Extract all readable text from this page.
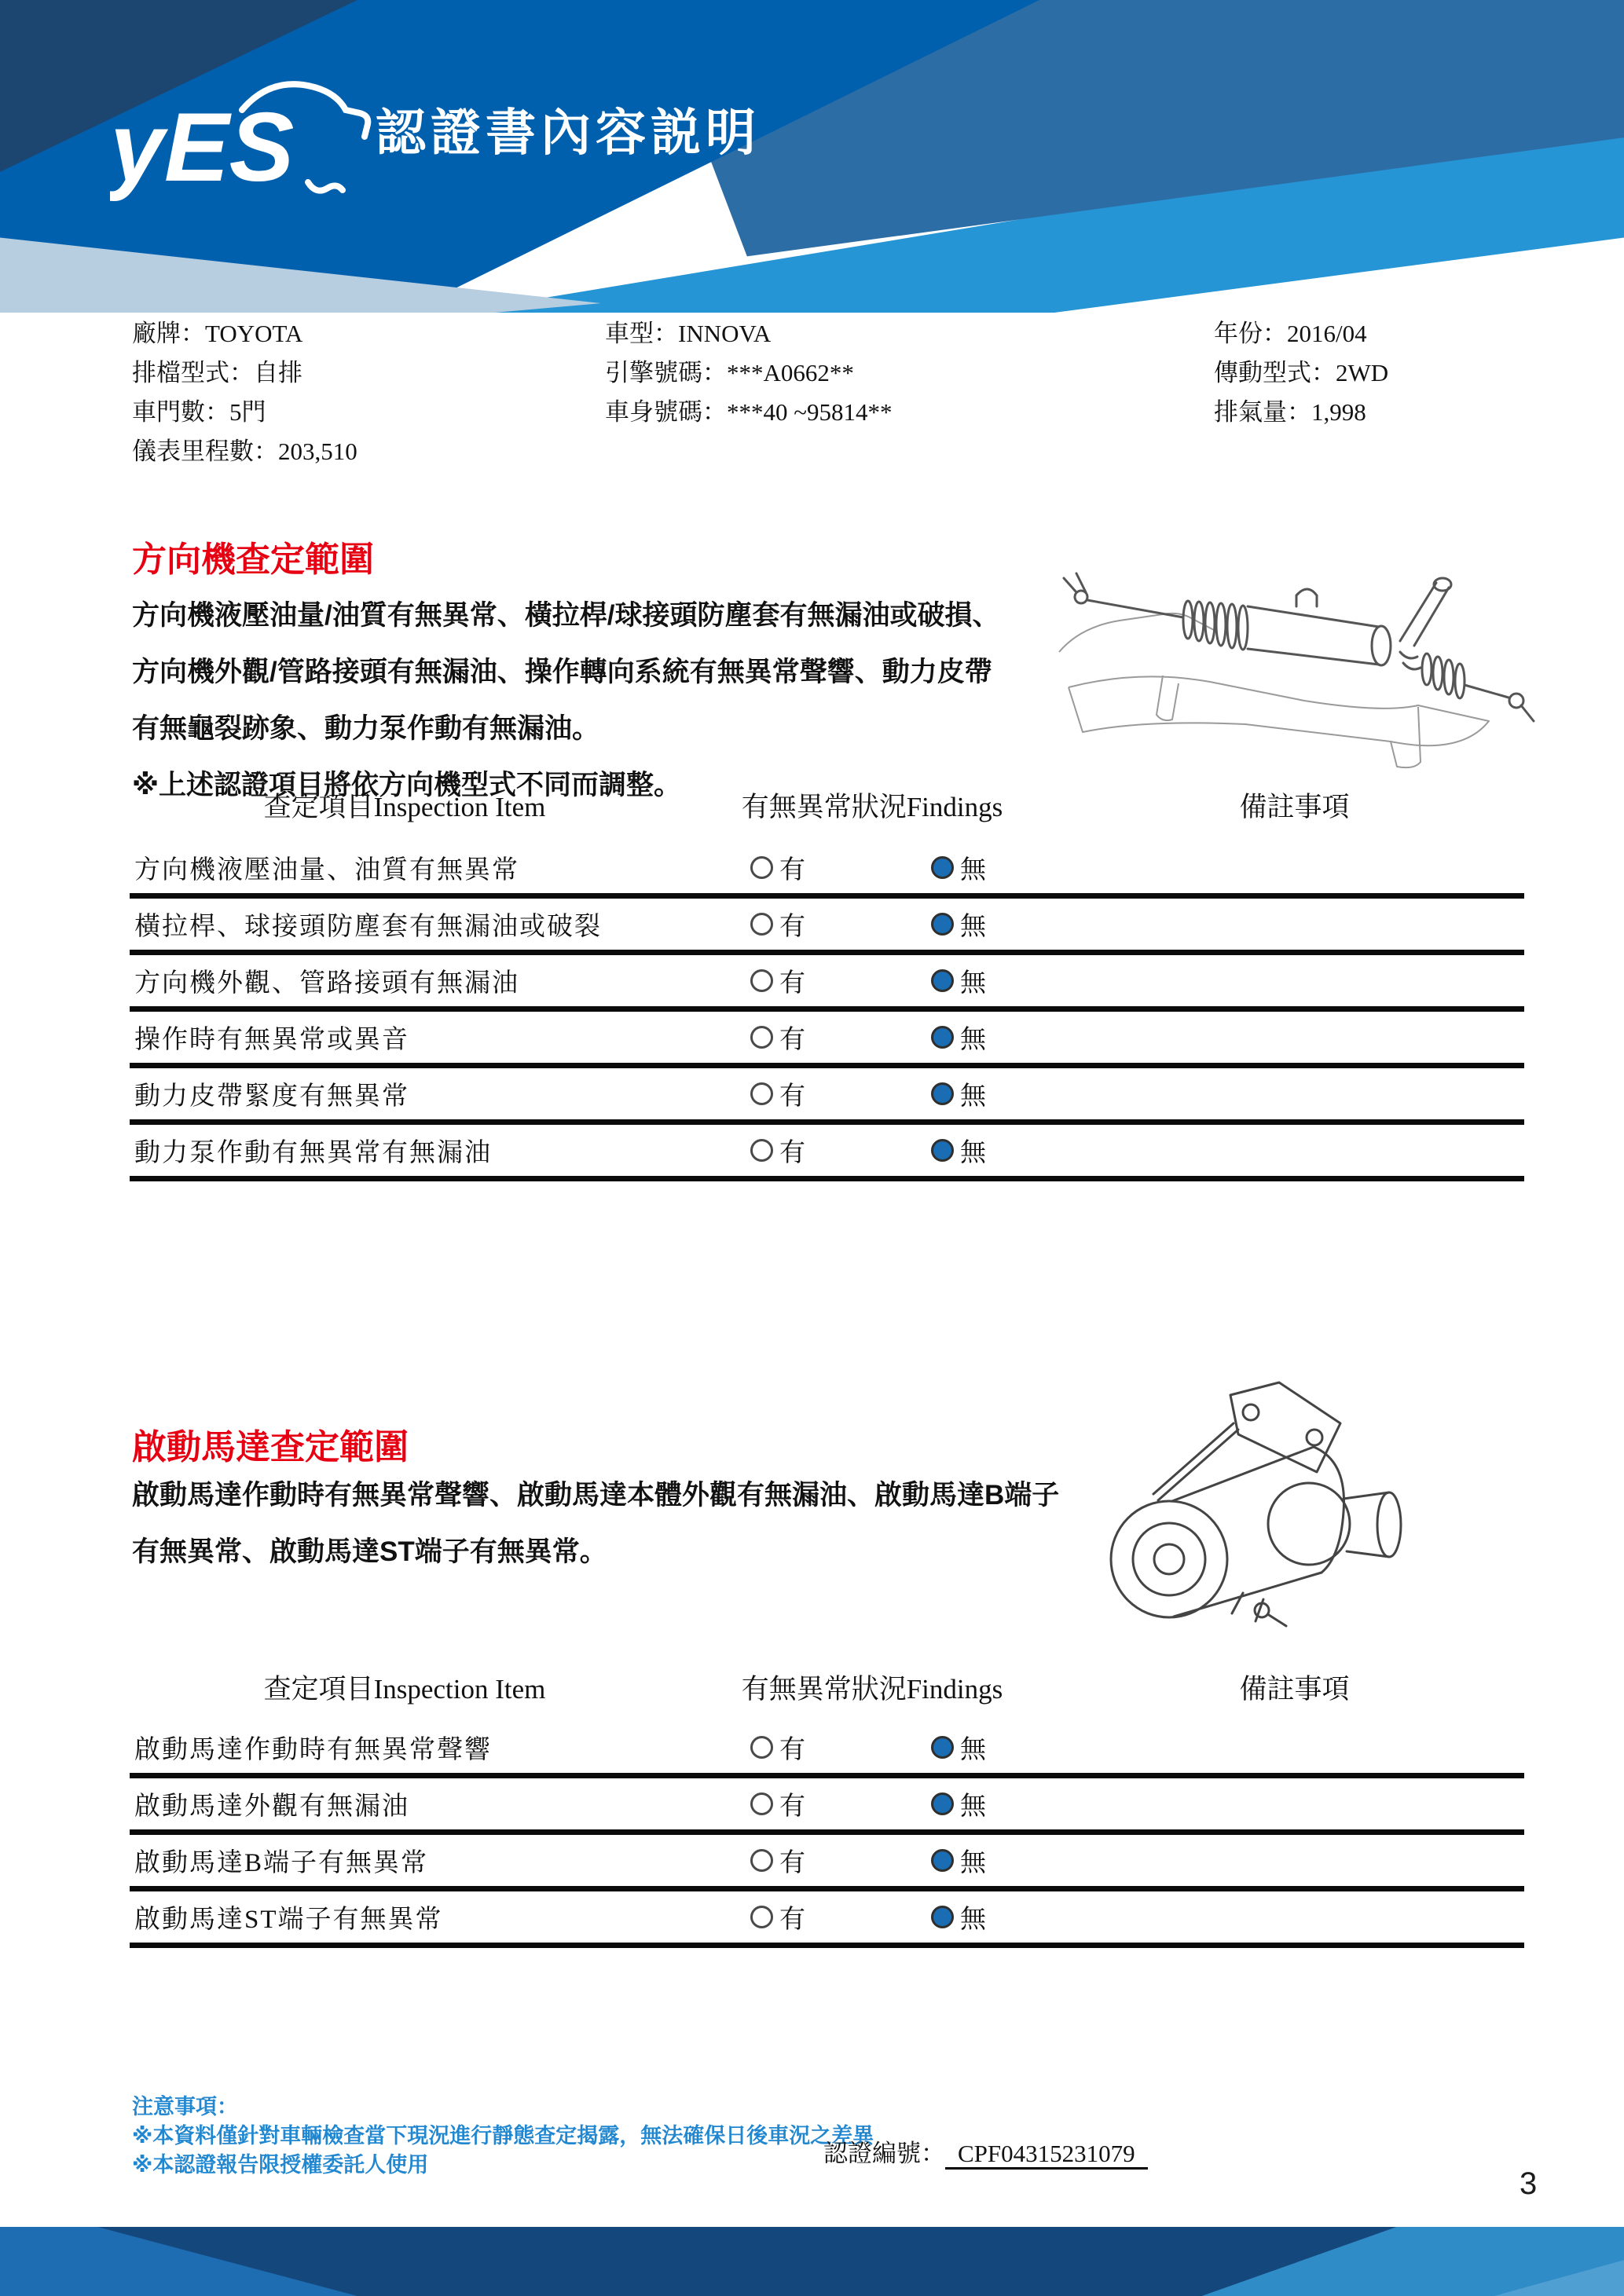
yES 認證書內容説明
廠牌：TOYOTA
排檔型式：自排
車門數：5門
儀表里程數：203,510
車型：INNOVA
引擎號碼：***A0662**
車身號碼：***40 ~95814**
年份：2016/04
傳動型式：2WD
排氣量：1,998
方向機查定範圍
方向機液壓油量/油質有無異常、橫拉桿/球接頭防塵套有無漏油或破損、
方向機外觀/管路接頭有無漏油、操作轉向系統有無異常聲響、動力皮帶
有無龜裂跡象、動力泵作動有無漏油。
※上述認證項目將依方向機型式不同而調整。
查定項目Inspection Item	有無異常狀況Findings	備註事項
方向機液壓油量、油質有無異常	有	無
橫拉桿、球接頭防塵套有無漏油或破裂	有	無
方向機外觀、管路接頭有無漏油	有	無
操作時有無異常或異音	有	無
動力皮帶緊度有無異常	有	無
動力泵作動有無異常有無漏油	有	無
啟動馬達查定範圍
啟動馬達作動時有無異常聲響、啟動馬達本體外觀有無漏油、啟動馬達B端子
有無異常、啟動馬達ST端子有無異常。
查定項目Inspection Item	有無異常狀況Findings	備註事項
啟動馬達作動時有無異常聲響	有	無
啟動馬達外觀有無漏油	有	無
啟動馬達B端子有無異常	有	無
啟動馬達ST端子有無異常	有	無
注意事項：
※本資料僅針對車輛檢查當下現況進行靜態查定揭露，無法確保日後車況之差異
※本認證報告限授權委託人使用	認證編號： CPF04315231079
3
